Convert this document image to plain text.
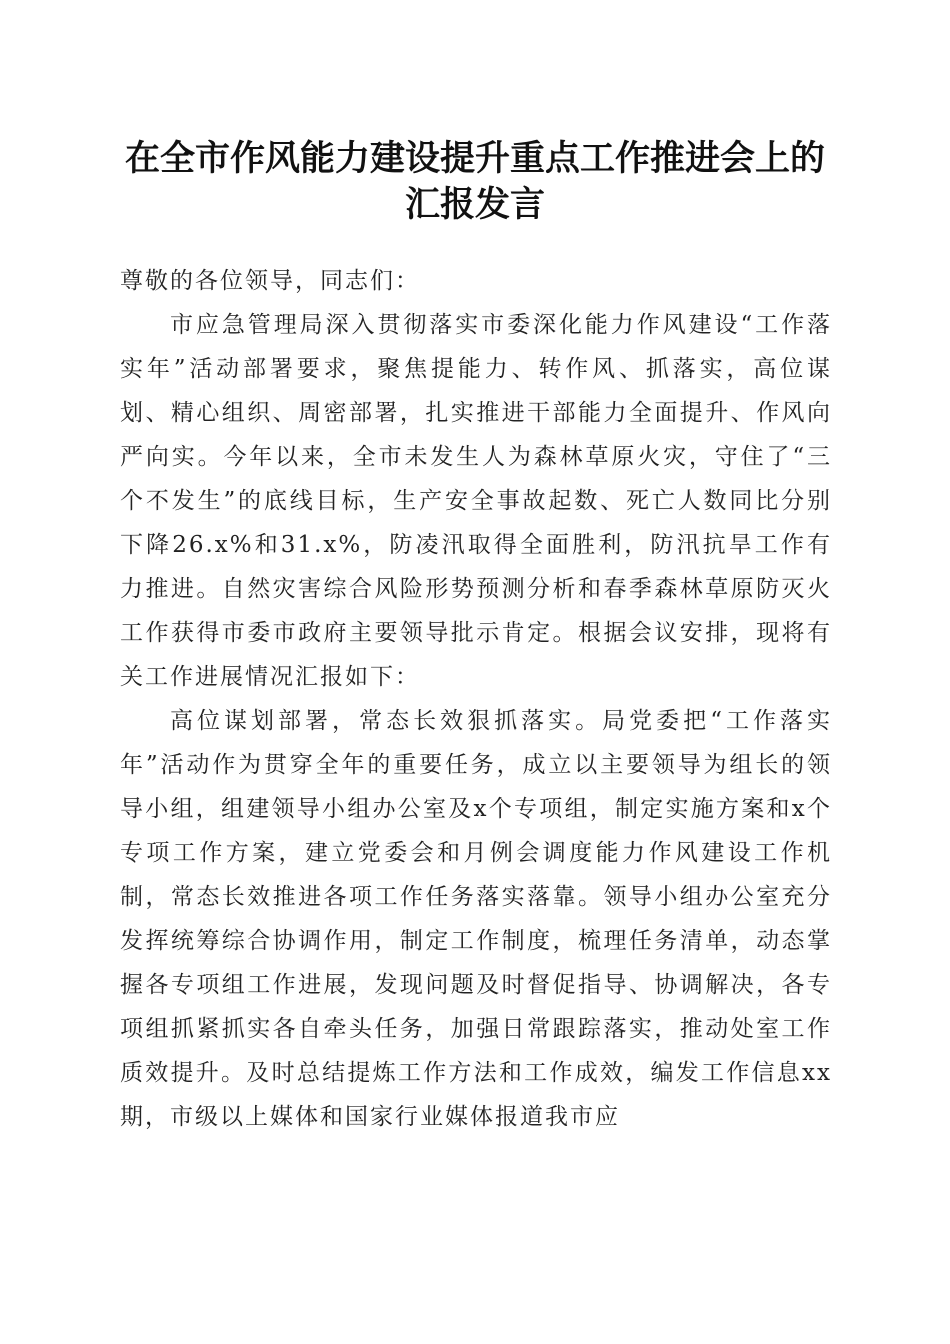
在全市作风能力建设提升重点工作推进会上的
汇报发言

尊敬的各位领导，同志们：

市应急管理局深入贯彻落实市委深化能力作风建设“工作落实年”活动部署要求，聚焦提能力、转作风、抓落实，高位谋划、精心组织、周密部署，扎实推进干部能力全面提升、作风向严向实。今年以来，全市未发生人为森林草原火灾，守住了“三个不发生”的底线目标，生产安全事故起数、死亡人数同比分别下降26.x%和31.x%，防凌汛取得全面胜利，防汛抗旱工作有力推进。自然灾害综合风险形势预测分析和春季森林草原防灭火工作获得市委市政府主要领导批示肯定。根据会议安排，现将有关工作进展情况汇报如下：

高位谋划部署，常态长效狠抓落实。局党委把“工作落实年”活动作为贯穿全年的重要任务，成立以主要领导为组长的领导小组，组建领导小组办公室及x个专项组，制定实施方案和x个专项工作方案，建立党委会和月例会调度能力作风建设工作机制，常态长效推进各项工作任务落实落靠。领导小组办公室充分发挥统筹综合协调作用，制定工作制度，梳理任务清单，动态掌握各专项组工作进展，发现问题及时督促指导、协调解决，各专项组抓紧抓实各自牵头任务，加强日常跟踪落实，推动处室工作质效提升。及时总结提炼工作方法和工作成效，编发工作信息xx期，市级以上媒体和国家行业媒体报道我市应
